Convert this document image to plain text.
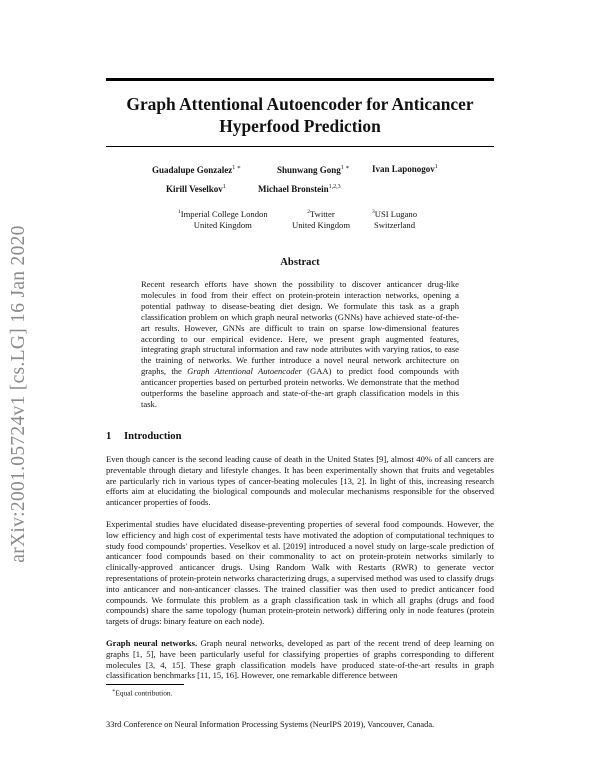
arXiv:2001.05724v1 [cs.LG] 16 Jan 2020
Graph Attentional Autoencoder for Anticancer Hyperfood Prediction
Guadalupe Gonzalez$^{1 ∗}$	Shunwang Gong$^{1 ∗}$	Ivan Laponogov$^1$
Kirill Veselkov$^1$	Michael Bronstein$^{1,2,3}$
$^1$Imperial College London
United Kingdom
$^2$Twitter
United Kingdom
$^3$USI Lugano
Switzerland
Abstract
Recent research efforts have shown the possibility to discover anticancer drug-like molecules in food from their effect on protein-protein interaction networks, opening a potential pathway to disease-beating diet design. We formulate this task as a graph classification problem on which graph neural networks (GNNs) have achieved state-of-the-art results. However, GNNs are difficult to train on sparse low-dimensional features according to our empirical evidence. Here, we present graph augmented features, integrating graph structural information and raw node attributes with varying ratios, to ease the training of networks. We further introduce a novel neural network architecture on graphs, the Graph Attentional Autoencoder (GAA) to predict food compounds with anticancer properties based on perturbed protein networks. We demonstrate that the method outperforms the baseline approach and state-of-the-art graph classification models in this task.
1 Introduction
Even though cancer is the second leading cause of death in the United States [9], almost 40% of all cancers are preventable through dietary and lifestyle changes. It has been experimentally shown that fruits and vegetables are particularly rich in various types of cancer-beating molecules [13, 2]. In light of this, increasing research efforts aim at elucidating the biological compounds and molecular mechanisms responsible for the observed anticancer properties of foods.
Experimental studies have elucidated disease-preventing properties of several food compounds. However, the low efficiency and high cost of experimental tests have motivated the adoption of computational techniques to study food compounds' properties. Veselkov et al. [2019] introduced a novel study on large-scale prediction of anticancer food compounds based on their commonality to act on protein-protein networks similarly to clinically-approved anticancer drugs. Using Random Walk with Restarts (RWR) to generate vector representations of protein-protein networks characterizing drugs, a supervised method was used to classify drugs into anticancer and non-anticancer classes. The trained classifier was then used to predict anticancer food compounds. We formulate this problem as a graph classification task in which all graphs (drugs and food compounds) share the same topology (human protein-protein network) differing only in node features (protein targets of drugs: binary feature on each node).
Graph neural networks. Graph neural networks, developed as part of the recent trend of deep learning on graphs [1, 5], have been particularly useful for classifying properties of graphs corresponding to different molecules [3, 4, 15]. These graph classification models have produced state-of-the-art results in graph classification benchmarks [11, 15, 16]. However, one remarkable difference between
∗Equal contribution.
33rd Conference on Neural Information Processing Systems (NeurIPS 2019), Vancouver, Canada.
